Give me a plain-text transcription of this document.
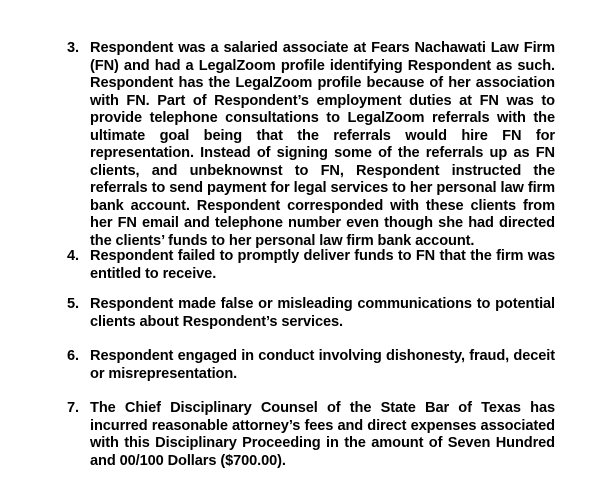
3. Respondent was a salaried associate at Fears Nachawati Law Firm (FN) and had a LegalZoom profile identifying Respondent as such. Respondent has the LegalZoom profile because of her association with FN. Part of Respondent’s employment duties at FN was to provide telephone consultations to LegalZoom referrals with the ultimate goal being that the referrals would hire FN for representation. Instead of signing some of the referrals up as FN clients, and unbeknownst to FN, Respondent instructed the referrals to send payment for legal services to her personal law firm bank account. Respondent corresponded with these clients from her FN email and telephone number even though she had directed the clients’ funds to her personal law firm bank account.
4. Respondent failed to promptly deliver funds to FN that the firm was entitled to receive.
5. Respondent made false or misleading communications to potential clients about Respondent’s services.
6. Respondent engaged in conduct involving dishonesty, fraud, deceit or misrepresentation.
7. The Chief Disciplinary Counsel of the State Bar of Texas has incurred reasonable attorney’s fees and direct expenses associated with this Disciplinary Proceeding in the amount of Seven Hundred and 00/100 Dollars ($700.00).
